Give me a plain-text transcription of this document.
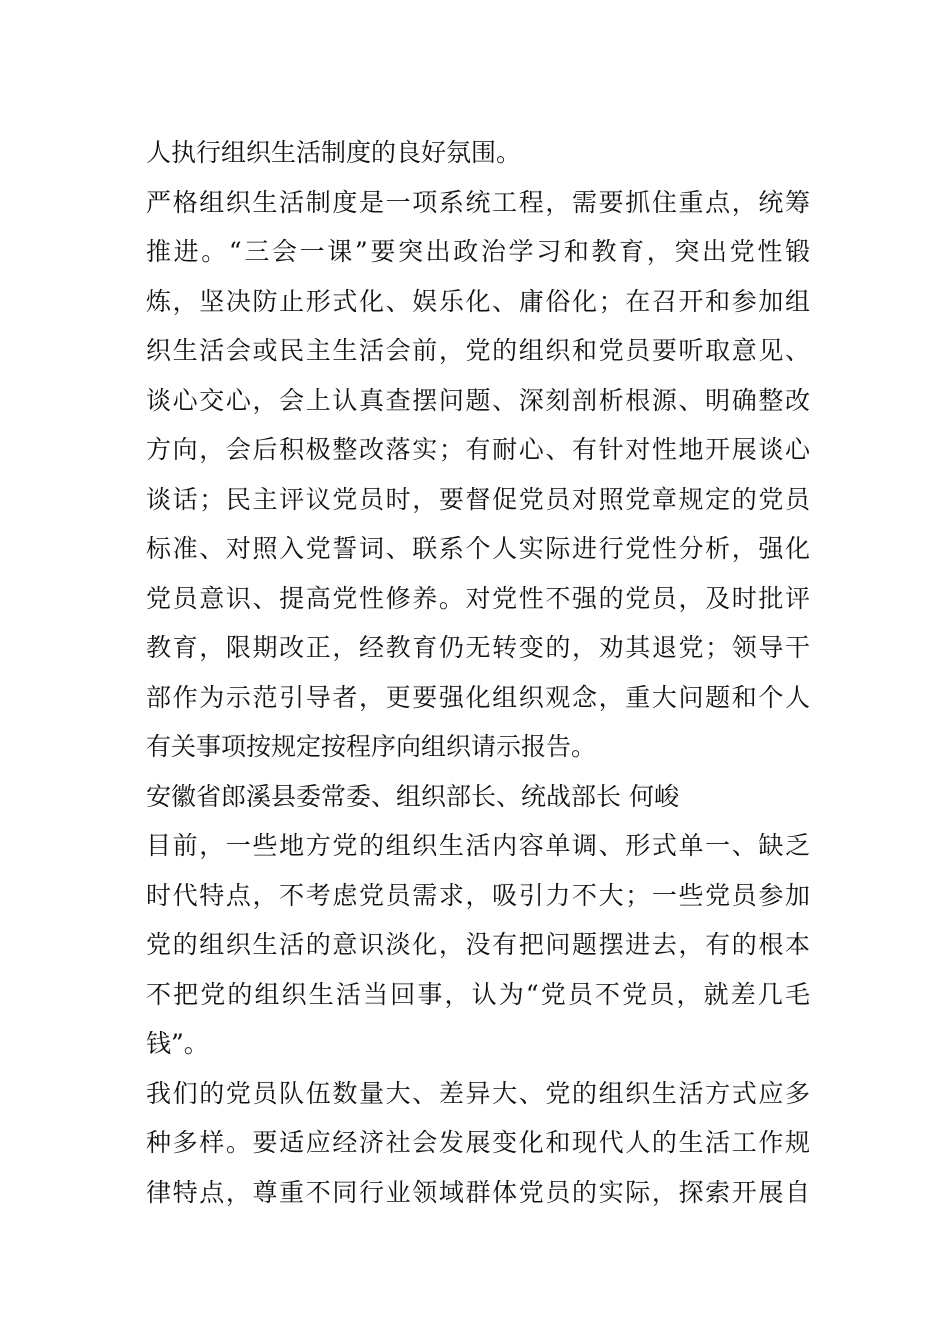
人执行组织生活制度的良好氛围。
严格组织生活制度是一项系统工程，需要抓住重点，统筹
推进。“三会一课”要突出政治学习和教育，突出党性锻
炼，坚决防止形式化、娱乐化、庸俗化；在召开和参加组
织生活会或民主生活会前，党的组织和党员要听取意见、
谈心交心，会上认真查摆问题、深刻剖析根源、明确整改
方向，会后积极整改落实；有耐心、有针对性地开展谈心
谈话；民主评议党员时，要督促党员对照党章规定的党员
标准、对照入党誓词、联系个人实际进行党性分析，强化
党员意识、提高党性修养。对党性不强的党员，及时批评
教育，限期改正，经教育仍无转变的，劝其退党；领导干
部作为示范引导者，更要强化组织观念，重大问题和个人
有关事项按规定按程序向组织请示报告。
安徽省郎溪县委常委、组织部长、统战部长 何峻
目前，一些地方党的组织生活内容单调、形式单一、缺乏
时代特点，不考虑党员需求，吸引力不大；一些党员参加
党的组织生活的意识淡化，没有把问题摆进去，有的根本
不把党的组织生活当回事，认为“党员不党员，就差几毛
钱”。
我们的党员队伍数量大、差异大、党的组织生活方式应多
种多样。要适应经济社会发展变化和现代人的生活工作规
律特点，尊重不同行业领域群体党员的实际，探索开展自
